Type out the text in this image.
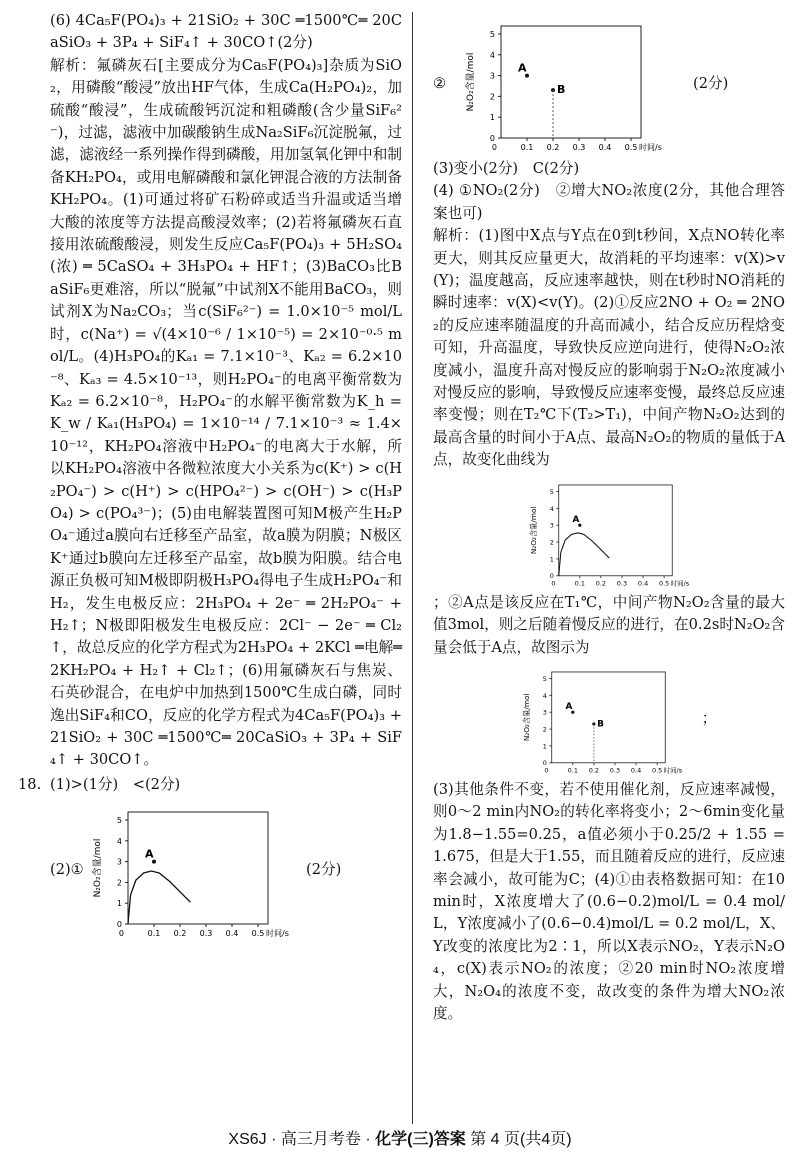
(6) 4Ca₅F(PO₄)₃ + 21SiO₂ + 30C ═1500℃═ 20CaSiO₃ + 3P₄ + SiF₄↑ + 30CO↑(2分)

解析：氟磷灰石[主要成分为Ca₅F(PO₄)₃]杂质为SiO₂，用磷酸“酸浸”放出HF气体，生成Ca(H₂PO₄)₂，加硫酸“酸浸”，生成硫酸钙沉淀和粗磷酸(含少量SiF₆²⁻)，过滤，滤液中加碳酸钠生成Na₂SiF₆沉淀脱氟，过滤，滤液经一系列操作得到磷酸，用加氢氧化钾中和制备KH₂PO₄，或用电解磷酸和氯化钾混合液的方法制备KH₂PO₄。(1)可通过将矿石粉碎或适当升温或适当增大酸的浓度等方法提高酸浸效率；(2)若将氟磷灰石直接用浓硫酸酸浸，则发生反应Ca₅F(PO₄)₃ + 5H₂SO₄(浓) ═ 5CaSO₄ + 3H₃PO₄ + HF↑；(3)BaCO₃比BaSiF₆更难溶，所以“脱氟”中试剂X不能用BaCO₃，则试剂X为Na₂CO₃；当c(SiF₆²⁻) = 1.0×10⁻⁵ mol/L时，c(Na⁺) = √(4×10⁻⁶ / 1×10⁻⁵) = 2×10⁻⁰·⁵ mol/L。(4)H₃PO₄的Kₐ₁ = 7.1×10⁻³、Kₐ₂ = 6.2×10⁻⁸、Kₐ₃ = 4.5×10⁻¹³，则H₂PO₄⁻的电离平衡常数为Kₐ₂ = 6.2×10⁻⁸，H₂PO₄⁻的水解平衡常数为K_h = K_w / Kₐ₁(H₃PO₄) = 1×10⁻¹⁴ / 7.1×10⁻³ ≈ 1.4×10⁻¹²，KH₂PO₄溶液中H₂PO₄⁻的电离大于水解，所以KH₂PO₄溶液中各微粒浓度大小关系为c(K⁺) > c(H₂PO₄⁻) > c(H⁺) > c(HPO₄²⁻) > c(OH⁻) > c(H₃PO₄) > c(PO₄³⁻)；(5)由电解装置图可知M极产生H₂PO₄⁻通过a膜向右迁移至产品室，故a膜为阴膜；N极区K⁺通过b膜向左迁移至产品室，故b膜为阳膜。结合电源正负极可知M极即阴极H₃PO₄得电子生成H₂PO₄⁻和H₂，发生电极反应：2H₃PO₄ + 2e⁻ ═ 2H₂PO₄⁻ + H₂↑；N极即阳极发生电极反应：2Cl⁻ − 2e⁻ ═ Cl₂↑，故总反应的化学方程式为2H₃PO₄ + 2KCl ═电解═ 2KH₂PO₄ + H₂↑ + Cl₂↑；(6)用氟磷灰石与焦炭、石英砂混合，在电炉中加热到1500℃生成白磷，同时逸出SiF₄和CO，反应的化学方程式为4Ca₅F(PO₄)₃ + 21SiO₂ + 30C ═1500℃═ 20CaSiO₃ + 3P₄ + SiF₄↑ + 30CO↑。

18. (1)>(1分)　<(2分)

(2)①
0
1
2
3
4
5
0.1 0.2 0.3 0.4 0.5
0	时间/s
N₂O₂含量/mol	A
(2分)
②
0
1
2
3
4
5
0.1 0.2 0.3 0.4 0.5
0	时间/s
N₂O₂含量/mol	A
B	(2分)

(3)变小(2分)　C(2分)

(4) ①NO₂(2分)　②增大NO₂浓度(2分，其他合理答案也可)

解析：(1)图中X点与Y点在0到t秒间，X点NO转化率更大，则其反应量更大，故消耗的平均速率：v(X)>v(Y)；温度越高，反应速率越快，则在t秒时NO消耗的瞬时速率：v(X)<v(Y)。(2)①反应2NO + O₂ ═ 2NO₂的反应速率随温度的升高而减小，结合反应历程焓变可知，升高温度，导致快反应逆向进行，使得N₂O₂浓度减小，温度升高对慢反应的影响弱于N₂O₂浓度减小对慢反应的影响，导致慢反应速率变慢，最终总反应速率变慢；则在T₂℃下(T₂>T₁)，中间产物N₂O₂达到的最高含量的时间小于A点、最高N₂O₂的物质的量低于A点，故变化曲线为

0
1
2
3
4
5
0.1 0.2 0.3 0.4 0.5
0	时间/s
N₂O₂含量/mol	A

；②A点是该反应在T₁℃，中间产物N₂O₂含量的最大值3mol，则之后随着慢反应的进行，在0.2s时N₂O₂含量会低于A点，故图示为

0
1
2
3
4
5
0.1 0.2 0.3 0.4 0.5
0	时间/s
N₂O₂含量/mol	A
B	；

(3)其他条件不变，若不使用催化剂，反应速率减慢，则0～2 min内NO₂的转化率将变小；2～6min变化量为1.8−1.55=0.25，a值必须小于0.25/2 + 1.55 = 1.675，但是大于1.55，而且随着反应的进行，反应速率会减小，故可能为C；(4)①由表格数据可知：在10 min时，X浓度增大了(0.6−0.2)mol/L = 0.4 mol/L，Y浓度减小了(0.6−0.4)mol/L = 0.2 mol/L，X、Y改变的浓度比为2∶1，所以X表示NO₂，Y表示N₂O₄，c(X)表示NO₂的浓度；②20 min时NO₂浓度增大，N₂O₄的浓度不变，故改变的条件为增大NO₂浓度。

XS6J · 高三月考卷 · 化学(三)答案 第 4 页(共4页)
